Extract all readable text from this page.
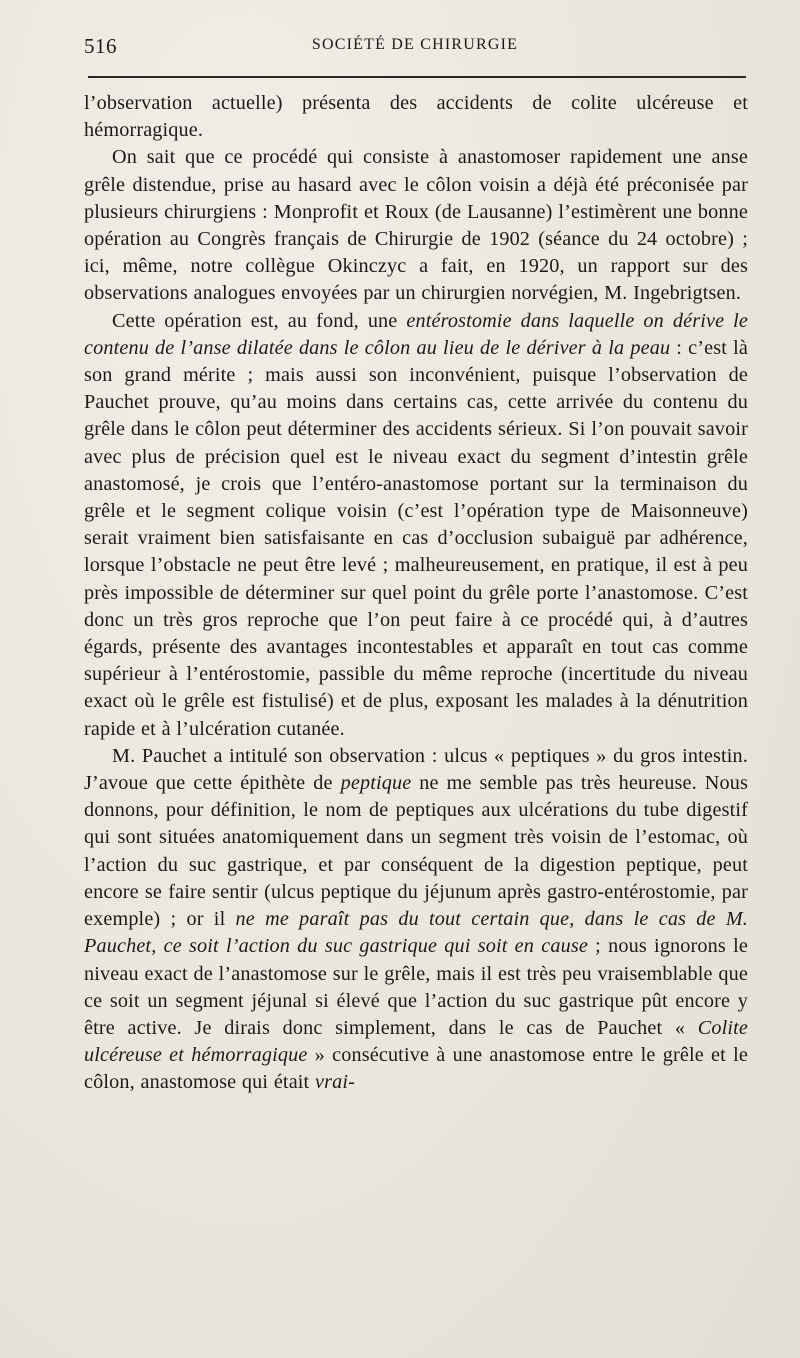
516	SOCIÉTÉ DE CHIRURGIE

l’observation actuelle) présenta des accidents de colite ulcéreuse et hémorragique.

On sait que ce procédé qui consiste à anastomoser rapidement une anse grêle distendue, prise au hasard avec le côlon voisin a déjà été préconisée par plusieurs chirurgiens : Monprofit et Roux (de Lausanne) l’estimèrent une bonne opération au Congrès français de Chirurgie de 1902 (séance du 24 octobre) ; ici, même, notre collègue Okinczyc a fait, en 1920, un rapport sur des observations analogues envoyées par un chirurgien norvégien, M. Ingebrigtsen.

Cette opération est, au fond, une entérostomie dans laquelle on dérive le contenu de l’anse dilatée dans le côlon au lieu de le dériver à la peau : c’est là son grand mérite ; mais aussi son inconvénient, puisque l’observation de Pauchet prouve, qu’au moins dans certains cas, cette arrivée du contenu du grêle dans le côlon peut déterminer des accidents sérieux. Si l’on pouvait savoir avec plus de précision quel est le niveau exact du segment d’intestin grêle anastomosé, je crois que l’entéro-anastomose portant sur la terminaison du grêle et le segment colique voisin (c’est l’opération type de Maisonneuve) serait vraiment bien satisfaisante en cas d’occlusion subaiguë par adhérence, lorsque l’obstacle ne peut être levé ; malheureusement, en pratique, il est à peu près impossible de déterminer sur quel point du grêle porte l’anastomose. C’est donc un très gros reproche que l’on peut faire à ce procédé qui, à d’autres égards, présente des avantages incontestables et apparaît en tout cas comme supérieur à l’entérostomie, passible du même reproche (incertitude du niveau exact où le grêle est fistulisé) et de plus, exposant les malades à la dénutrition rapide et à l’ulcération cutanée.

M. Pauchet a intitulé son observation : ulcus « peptiques » du gros intestin. J’avoue que cette épithète de peptique ne me semble pas très heureuse. Nous donnons, pour définition, le nom de peptiques aux ulcérations du tube digestif qui sont situées anatomiquement dans un segment très voisin de l’estomac, où l’action du suc gastrique, et par conséquent de la digestion peptique, peut encore se faire sentir (ulcus peptique du jéjunum après gastro-entérostomie, par exemple) ; or il ne me paraît pas du tout certain que, dans le cas de M. Pauchet, ce soit l’action du suc gastrique qui soit en cause ; nous ignorons le niveau exact de l’anastomose sur le grêle, mais il est très peu vraisemblable que ce soit un segment jéjunal si élevé que l’action du suc gastrique pût encore y être active. Je dirais donc simplement, dans le cas de Pauchet « Colite ulcéreuse et hémorragique » consécutive à une anastomose entre le grêle et le côlon, anastomose qui était vrai-
